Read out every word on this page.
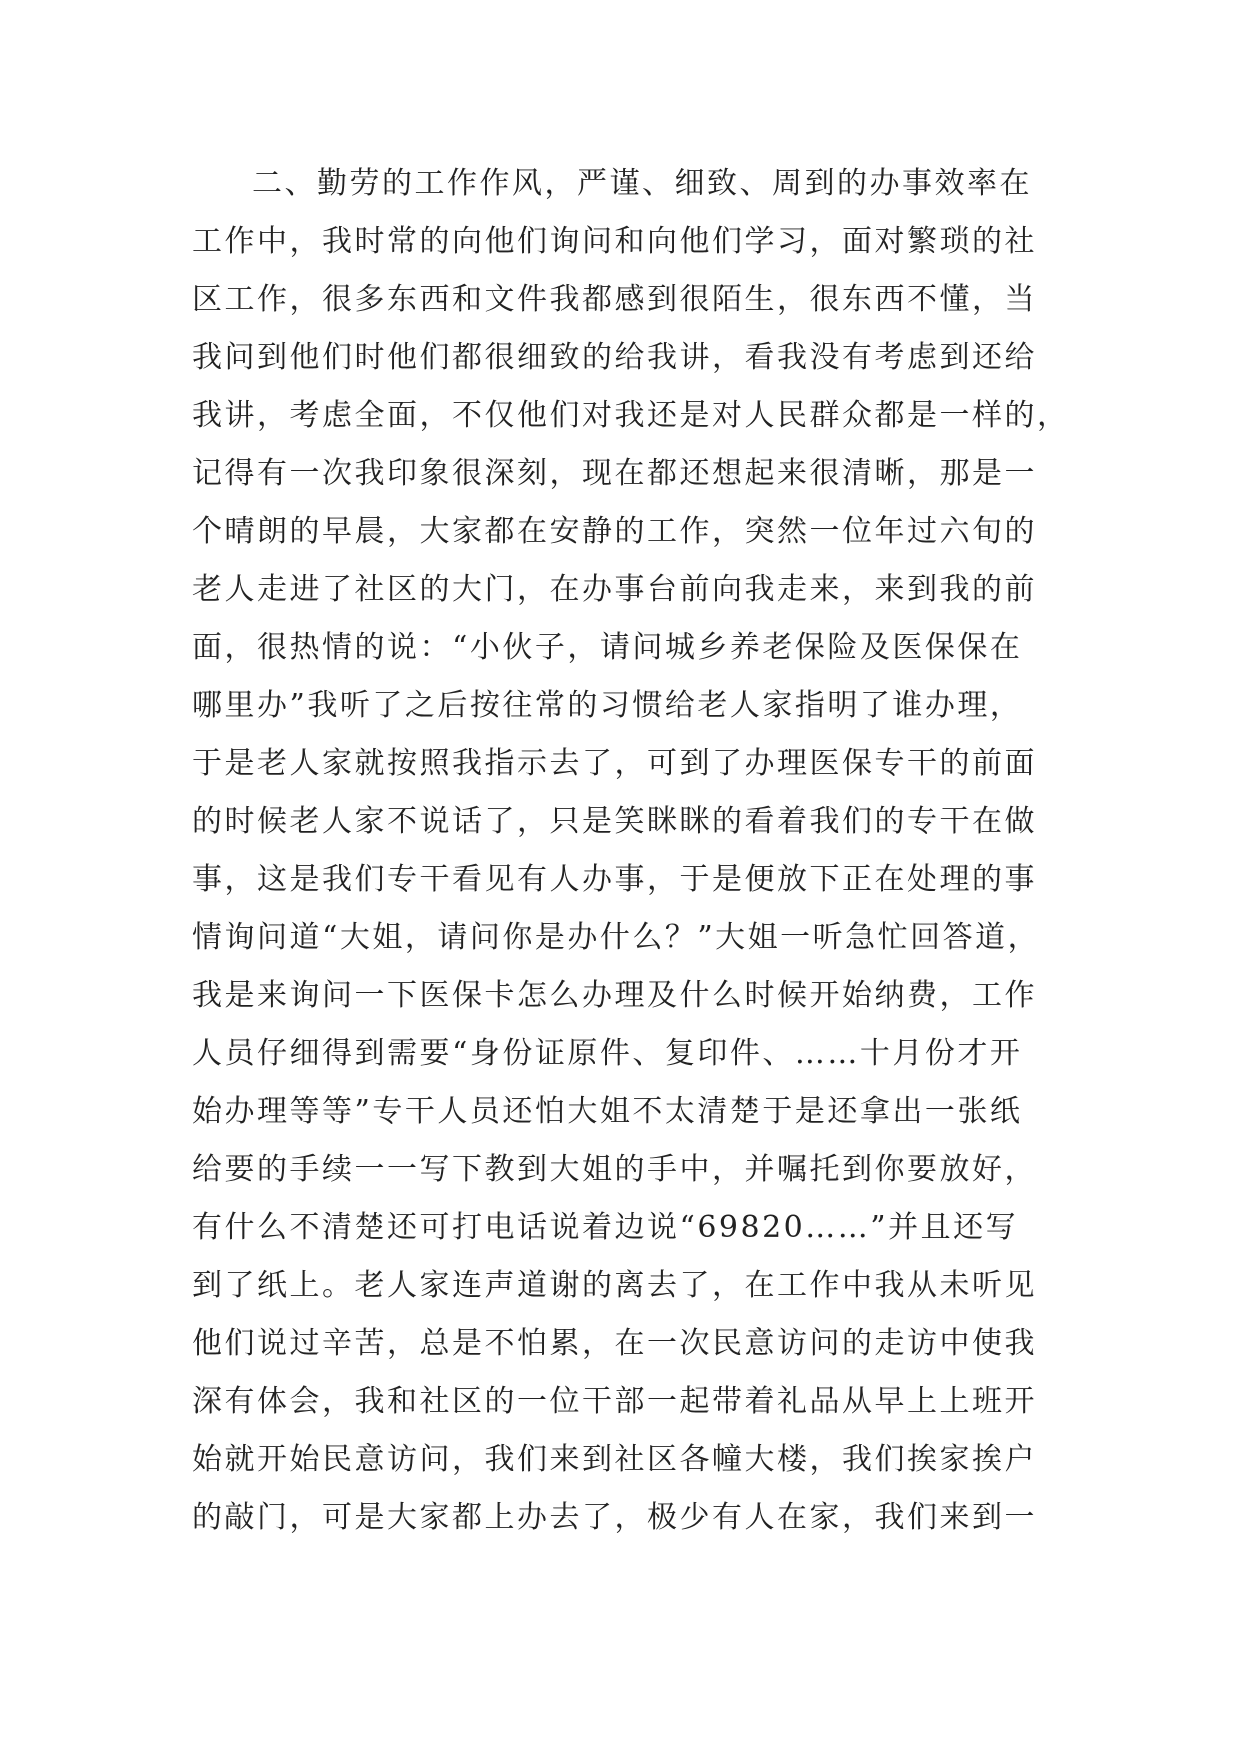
二、勤劳的工作作风，严谨、细致、周到的办事效率在
工作中，我时常的向他们询问和向他们学习，面对繁琐的社
区工作，很多东西和文件我都感到很陌生，很东西不懂，当
我问到他们时他们都很细致的给我讲，看我没有考虑到还给
我讲，考虑全面，不仅他们对我还是对人民群众都是一样的，
记得有一次我印象很深刻，现在都还想起来很清晰，那是一
个晴朗的早晨，大家都在安静的工作，突然一位年过六旬的
老人走进了社区的大门，在办事台前向我走来，来到我的前
面，很热情的说：“小伙子，请问城乡养老保险及医保保在
哪里办”我听了之后按往常的习惯给老人家指明了谁办理，
于是老人家就按照我指示去了，可到了办理医保专干的前面
的时候老人家不说话了，只是笑眯眯的看着我们的专干在做
事，这是我们专干看见有人办事，于是便放下正在处理的事
情询问道“大姐，请问你是办什么？”大姐一听急忙回答道，
我是来询问一下医保卡怎么办理及什么时候开始纳费，工作
人员仔细得到需要“身份证原件、复印件、……十月份才开
始办理等等”专干人员还怕大姐不太清楚于是还拿出一张纸
给要的手续一一写下教到大姐的手中，并嘱托到你要放好，
有什么不清楚还可打电话说着边说“69820……”并且还写
到了纸上。老人家连声道谢的离去了，在工作中我从未听见
他们说过辛苦，总是不怕累，在一次民意访问的走访中使我
深有体会，我和社区的一位干部一起带着礼品从早上上班开
始就开始民意访问，我们来到社区各幢大楼，我们挨家挨户
的敲门，可是大家都上办去了，极少有人在家，我们来到一
